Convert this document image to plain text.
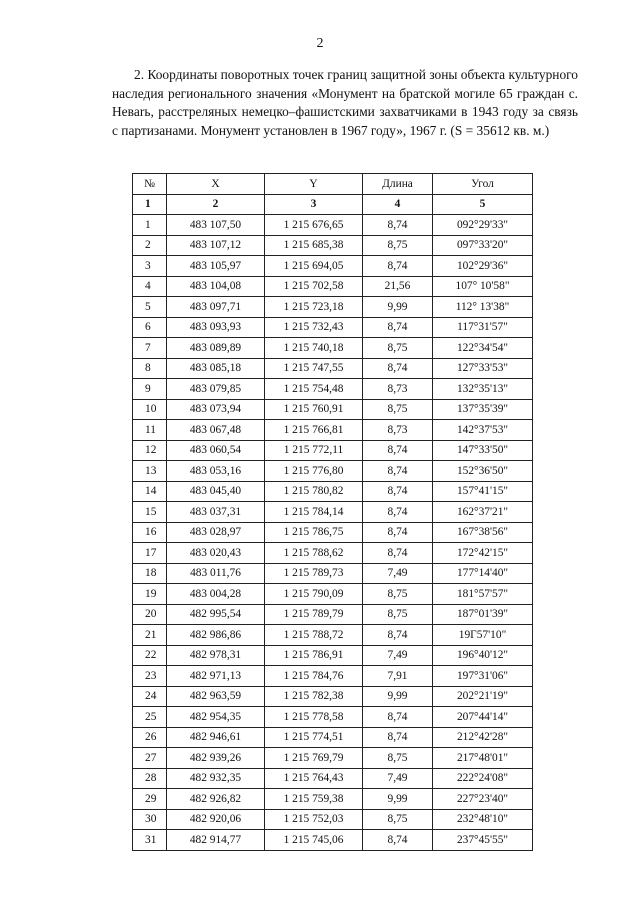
2

2. Координаты поворотных точек границ защитной зоны объекта культурного наследия регионального значения «Монумент на братской могиле 65 граждан с. Невarь, расстреляных немецко–фашистскими захватчиками в 1943 году за связь с партизанами. Монумент установлен в 1967 году», 1967 г. (S = 35612 кв. м.)

№	X	Y	Длина	Угол
1	2	3	4	5
1	483 107,50	1 215 676,65	8,74	092°29'33"
2	483 107,12	1 215 685,38	8,75	097°33'20"
3	483 105,97	1 215 694,05	8,74	102°29'36"
4	483 104,08	1 215 702,58	21,56	107° 10'58"
5	483 097,71	1 215 723,18	9,99	112° 13'38"
6	483 093,93	1 215 732,43	8,74	117°31'57"
7	483 089,89	1 215 740,18	8,75	122°34'54"
8	483 085,18	1 215 747,55	8,74	127°33'53"
9	483 079,85	1 215 754,48	8,73	132°35'13"
10	483 073,94	1 215 760,91	8,75	137°35'39"
11	483 067,48	1 215 766,81	8,73	142°37'53"
12	483 060,54	1 215 772,11	8,74	147°33'50"
13	483 053,16	1 215 776,80	8,74	152°36'50"
14	483 045,40	1 215 780,82	8,74	157°41'15"
15	483 037,31	1 215 784,14	8,74	162°37'21"
16	483 028,97	1 215 786,75	8,74	167°38'56"
17	483 020,43	1 215 788,62	8,74	172°42'15"
18	483 011,76	1 215 789,73	7,49	177°14'40"
19	483 004,28	1 215 790,09	8,75	181°57'57"
20	482 995,54	1 215 789,79	8,75	187°01'39"
21	482 986,86	1 215 788,72	8,74	19Г57'10"
22	482 978,31	1 215 786,91	7,49	196°40'12"
23	482 971,13	1 215 784,76	7,91	197°31'06"
24	482 963,59	1 215 782,38	9,99	202°21'19"
25	482 954,35	1 215 778,58	8,74	207°44'14"
26	482 946,61	1 215 774,51	8,74	212°42'28"
27	482 939,26	1 215 769,79	8,75	217°48'01"
28	482 932,35	1 215 764,43	7,49	222°24'08"
29	482 926,82	1 215 759,38	9,99	227°23'40"
30	482 920,06	1 215 752,03	8,75	232°48'10"
31	482 914,77	1 215 745,06	8,74	237°45'55"
